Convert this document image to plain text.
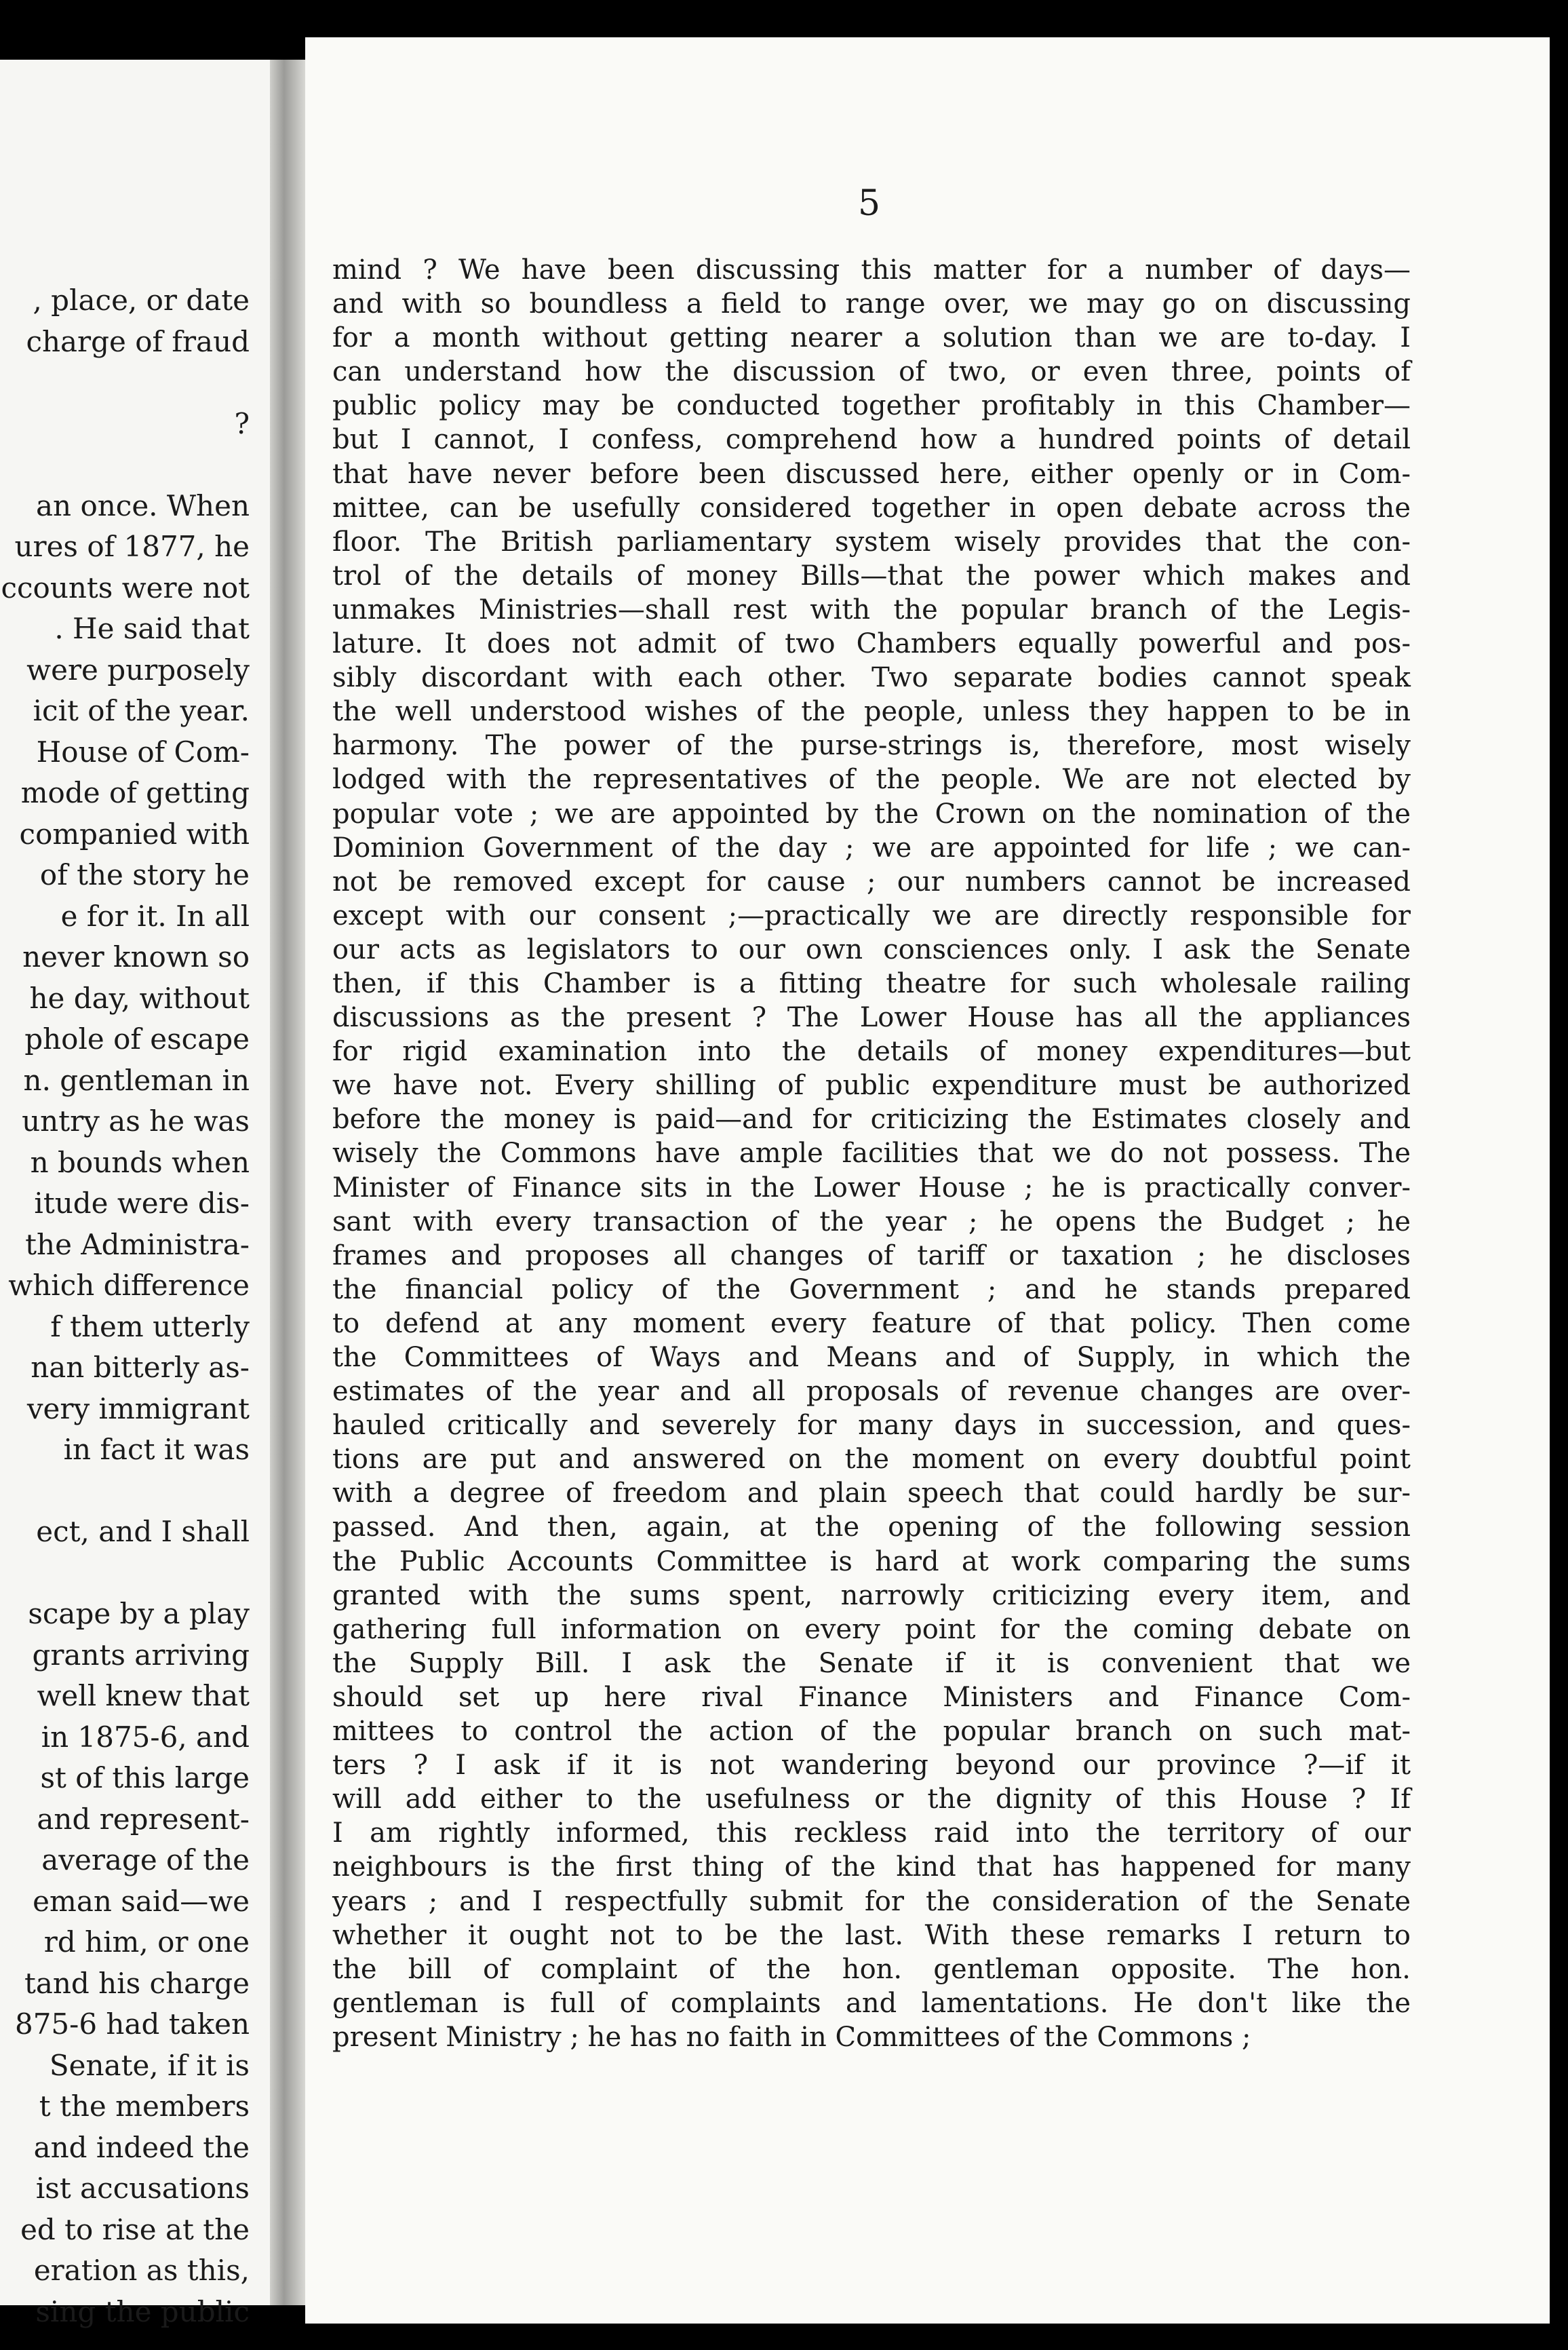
, place, or date
charge of fraud
?
an once. When
ures of 1877, he
ccounts were not
. He said that
were purposely
icit of the year.
House of Com-
mode of getting
companied with
of the story he
e for it. In all
never known so
he day, without
phole of escape
n. gentleman in
untry as he was
n bounds when
itude were dis-
the Administra-
which difference
f them utterly
nan bitterly as-
very immigrant
in fact it was
ect, and I shall
scape by a play
grants arriving
well knew that
in 1875-6, and
st of this large
and represent-
average of the
eman said—we
rd him, or one
tand his charge
875-6 had taken
Senate, if it is
t the members
and indeed the
ist accusations
ed to rise at the
eration as this,
sing the public
5
mind ? We have been discussing this matter for a number of days—
and with so boundless a field to range over, we may go on discussing
for a month without getting nearer a solution than we are to-day. I
can understand how the discussion of two, or even three, points of
public policy may be conducted together profitably in this Chamber—
but I cannot, I confess, comprehend how a hundred points of detail
that have never before been discussed here, either openly or in Com-
mittee, can be usefully considered together in open debate across the
floor. The British parliamentary system wisely provides that the con-
trol of the details of money Bills—that the power which makes and
unmakes Ministries—shall rest with the popular branch of the Legis-
lature. It does not admit of two Chambers equally powerful and pos-
sibly discordant with each other. Two separate bodies cannot speak
the well understood wishes of the people, unless they happen to be in
harmony. The power of the purse-strings is, therefore, most wisely
lodged with the representatives of the people. We are not elected by
popular vote ; we are appointed by the Crown on the nomination of the
Dominion Government of the day ; we are appointed for life ; we can-
not be removed except for cause ; our numbers cannot be increased
except with our consent ;—practically we are directly responsible for
our acts as legislators to our own consciences only. I ask the Senate
then, if this Chamber is a fitting theatre for such wholesale railing
discussions as the present ? The Lower House has all the appliances
for rigid examination into the details of money expenditures—but
we have not. Every shilling of public expenditure must be authorized
before the money is paid—and for criticizing the Estimates closely and
wisely the Commons have ample facilities that we do not possess. The
Minister of Finance sits in the Lower House ; he is practically conver-
sant with every transaction of the year ; he opens the Budget ; he
frames and proposes all changes of tariff or taxation ; he discloses
the financial policy of the Government ; and he stands prepared
to defend at any moment every feature of that policy. Then come
the Committees of Ways and Means and of Supply, in which the
estimates of the year and all proposals of revenue changes are over-
hauled critically and severely for many days in succession, and ques-
tions are put and answered on the moment on every doubtful point
with a degree of freedom and plain speech that could hardly be sur-
passed. And then, again, at the opening of the following session
the Public Accounts Committee is hard at work comparing the sums
granted with the sums spent, narrowly criticizing every item, and
gathering full information on every point for the coming debate on
the Supply Bill. I ask the Senate if it is convenient that we
should set up here rival Finance Ministers and Finance Com-
mittees to control the action of the popular branch on such mat-
ters ? I ask if it is not wandering beyond our province ?—if it
will add either to the usefulness or the dignity of this House ? If
I am rightly informed, this reckless raid into the territory of our
neighbours is the first thing of the kind that has happened for many
years ; and I respectfully submit for the consideration of the Senate
whether it ought not to be the last. With these remarks I return to
the bill of complaint of the hon. gentleman opposite. The hon.
gentleman is full of complaints and lamentations. He don't like the
present Ministry ; he has no faith in Committees of the Commons ;
